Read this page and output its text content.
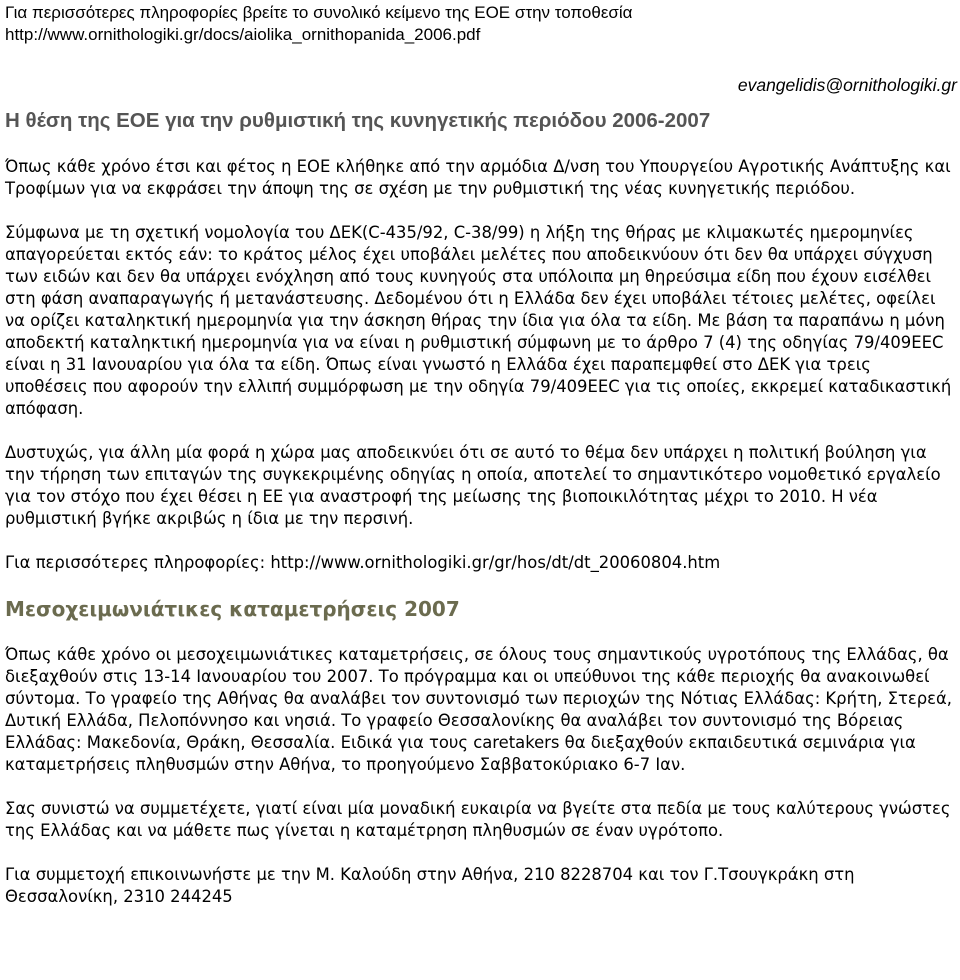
Για περισσότερες πληροφορίες βρείτε το συνολικό κείμενο της ΕΟΕ στην τοποθεσία
http://www.ornithologiki.gr/docs/aiolika_ornithopanida_2006.pdf
evangelidis@ornithologiki.gr
Η θέση της ΕΟΕ για την ρυθμιστική της κυνηγετικής περιόδου 2006-2007

Όπως κάθε χρόνο έτσι και φέτος η ΕΟΕ κλήθηκε από την αρμόδια Δ/νση του Υπουργείου Αγροτικής Ανάπτυξης και Τροφίμων για να εκφράσει την άποψη της σε σχέση με την ρυθμιστική της νέας κυνηγετικής περιόδου.

Σύμφωνα με τη σχετική νομολογία του ΔΕΚ(C-435/92, C-38/99) η λήξη της θήρας με κλιμακωτές ημερομηνίες απαγορεύεται εκτός εάν: το κράτος μέλος έχει υποβάλει μελέτες που αποδεικνύουν ότι δεν θα υπάρχει σύγχυση των ειδών και δεν θα υπάρχει ενόχληση από τους κυνηγούς στα υπόλοιπα μη θηρεύσιμα είδη που έχουν εισέλθει στη φάση αναπαραγωγής ή μετανάστευσης. Δεδομένου ότι η Ελλάδα δεν έχει υποβάλει τέτοιες μελέτες, οφείλει να ορίζει καταληκτική ημερομηνία για την άσκηση θήρας την ίδια για όλα τα είδη. Με βάση τα παραπάνω η μόνη αποδεκτή καταληκτική ημερομηνία για να είναι η ρυθμιστική σύμφωνη με το άρθρο 7 (4) της οδηγίας 79/409ΕΕC είναι η 31 Ιανουαρίου για όλα τα είδη. Όπως είναι γνωστό η Ελλάδα έχει παραπεμφθεί στο ΔΕΚ για τρεις υποθέσεις που αφορούν την ελλιπή συμμόρφωση με την οδηγία 79/409ΕΕC για τις οποίες, εκκρεμεί καταδικαστική απόφαση.

Δυστυχώς, για άλλη μία φορά η χώρα μας αποδεικνύει ότι σε αυτό το θέμα δεν υπάρχει η πολιτική βούληση για την τήρηση των επιταγών της συγκεκριμένης οδηγίας η οποία, αποτελεί το σημαντικότερο νομοθετικό εργαλείο για τον στόχο που έχει θέσει η ΕΕ για αναστροφή της μείωσης της βιοποικιλότητας μέχρι το 2010. Η νέα ρυθμιστική βγήκε ακριβώς η ίδια με την περσινή.

Για περισσότερες πληροφορίες: http://www.ornithologiki.gr/gr/hos/dt/dt_20060804.htm

Μεσοχειμωνιάτικες καταμετρήσεις 2007

Όπως κάθε χρόνο οι μεσοχειμωνιάτικες καταμετρήσεις, σε όλους τους σημαντικούς υγροτόπους της Ελλάδας, θα διεξαχθούν στις 13-14 Ιανουαρίου του 2007. Το πρόγραμμα και οι υπεύθυνοι της κάθε περιοχής θα ανακοινωθεί σύντομα. Το γραφείο της Αθήνας θα αναλάβει τον συντονισμό των περιοχών της Νότιας Ελλάδας: Κρήτη, Στερεά, Δυτική Ελλάδα, Πελοπόννησο και νησιά. Το γραφείο Θεσσαλονίκης θα αναλάβει τον συντονισμό της Βόρειας Ελλάδας: Μακεδονία, Θράκη, Θεσσαλία. Ειδικά για τους caretakers θα διεξαχθούν εκπαιδευτικά σεμινάρια για καταμετρήσεις πληθυσμών στην Αθήνα, το προηγούμενο Σαββατοκύριακο 6-7 Ιαν.

Σας συνιστώ να συμμετέχετε, γιατί είναι μία μοναδική ευκαιρία να βγείτε στα πεδία με τους καλύτερους γνώστες της Ελλάδας και να μάθετε πως γίνεται η καταμέτρηση πληθυσμών σε έναν υγρότοπο.

Για συμμετοχή επικοινωνήστε με την Μ. Καλούδη στην Αθήνα, 210 8228704 και τον Γ.Τσουγκράκη στη Θεσσαλονίκη, 2310 244245
